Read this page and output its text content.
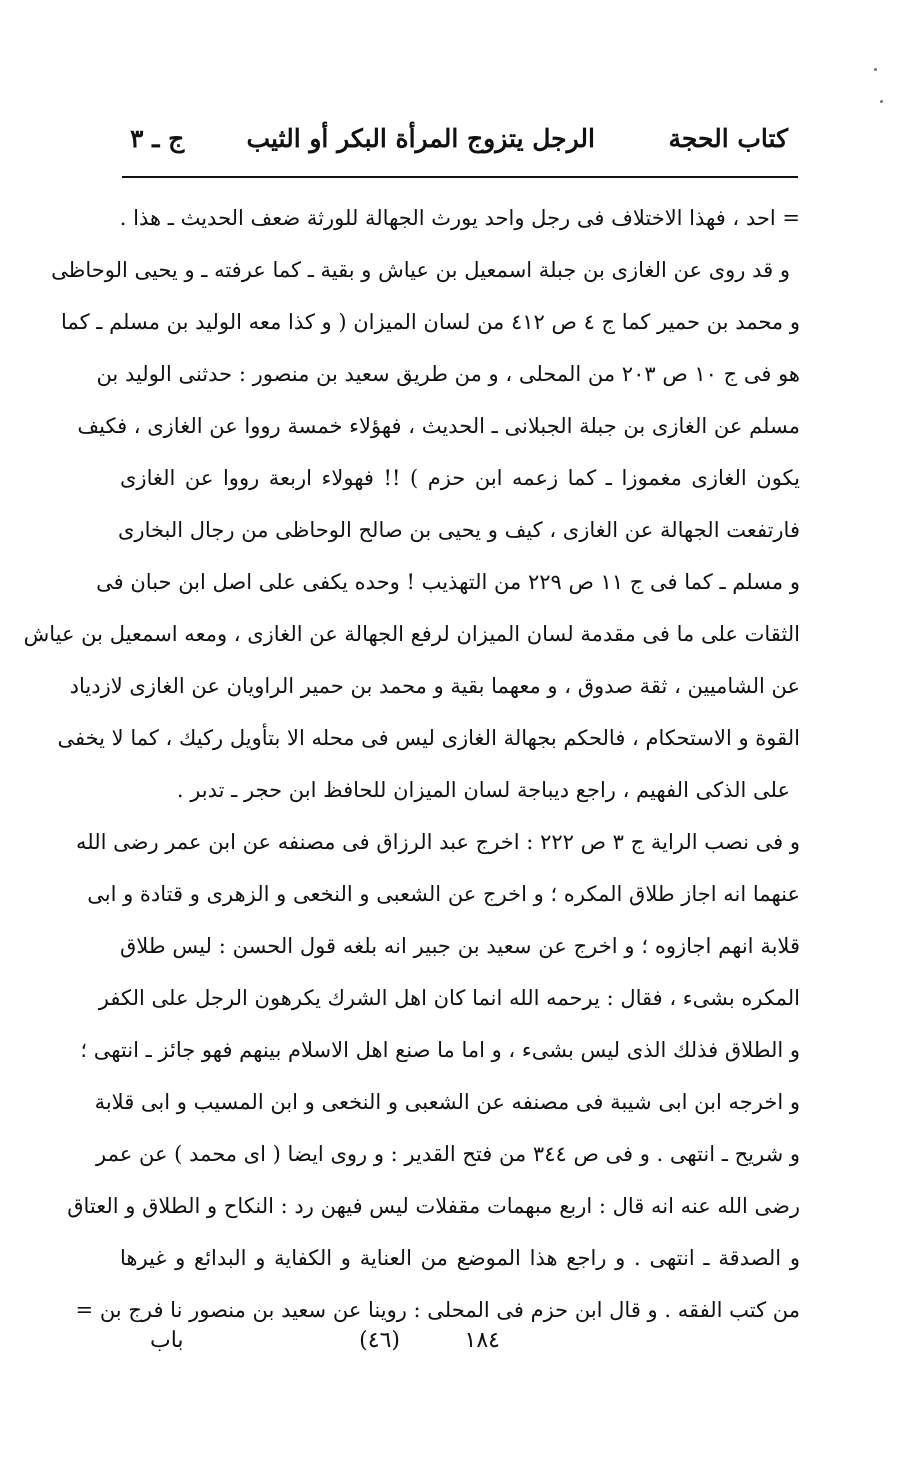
كتاب الحجة
الرجل يتزوج المرأة البكر أو الثيب
ج ـ ٣
= احد ، فهذا الاختلاف فى رجل واحد يورث الجهالة للورثة ضعف الحديث ـ هذا .
و قد روى عن الغازى بن جبلة اسمعيل بن عياش و بقية ـ كما عرفته ـ و يحيى الوحاظى
و محمد بن حمير كما ج ٤ ص ٤١٢ من لسان الميزان ( و كذا معه الوليد بن مسلم ـ كما
هو فى ج ١٠ ص ٢٠٣ من المحلى ، و من طريق سعيد بن منصور : حدثنى الوليد بن
مسلم عن الغازى بن جبلة الجبلانى ـ الحديث ، فهؤلاء خمسة رووا عن الغازى ، فكيف
يكون الغازى مغموزا ـ كما زعمه ابن حزم ) !! فهولاء اربعة رووا عن الغازى
فارتفعت الجهالة عن الغازى ، كيف و يحيى بن صالح الوحاظى من رجال البخارى
و مسلم ـ كما فى ج ١١ ص ٢٢٩ من التهذيب ! وحده يكفى على اصل ابن حبان فى
الثقات على ما فى مقدمة لسان الميزان لرفع الجهالة عن الغازى ، ومعه اسمعيل بن عياش
عن الشاميين ، ثقة صدوق ، و معهما بقية و محمد بن حمير الراويان عن الغازى لازدياد
القوة و الاستحكام ، فالحكم بجهالة الغازى ليس فى محله الا بتأويل ركيك ، كما لا يخفى
على الذكى الفهيم ، راجع ديباجة لسان الميزان للحافظ ابن حجر ـ تدبر .
و فى نصب الراية ج ٣ ص ٢٢٢ : اخرج عبد الرزاق فى مصنفه عن ابن عمر رضى الله
عنهما انه اجاز طلاق المكره ؛ و اخرج عن الشعبى و النخعى و الزهرى و قتادة و ابى
قلابة انهم اجازوه ؛ و اخرج عن سعيد بن جبير انه بلغه قول الحسن : ليس طلاق
المكره بشىء ، فقال : يرحمه الله انما كان اهل الشرك يكرهون الرجل على الكفر
و الطلاق فذلك الذى ليس بشىء ، و اما ما صنع اهل الاسلام بينهم فهو جائز ـ انتهى ؛
و اخرجه ابن ابى شيبة فى مصنفه عن الشعبى و النخعى و ابن المسيب و ابى قلابة
و شريح ـ انتهى . و فى ص ٣٤٤ من فتح القدير : و روى ايضا ( اى محمد ) عن عمر
رضى الله عنه انه قال : اربع مبهمات مقفلات ليس فيهن رد : النكاح و الطلاق و العتاق
و الصدقة ـ انتهى . و راجع هذا الموضع من العناية و الكفاية و البدائع و غيرها
من كتب الفقه . و قال ابن حزم فى المحلى : روينا عن سعيد بن منصور نا فرج بن =
١٨٤
(٤٦)
باب
